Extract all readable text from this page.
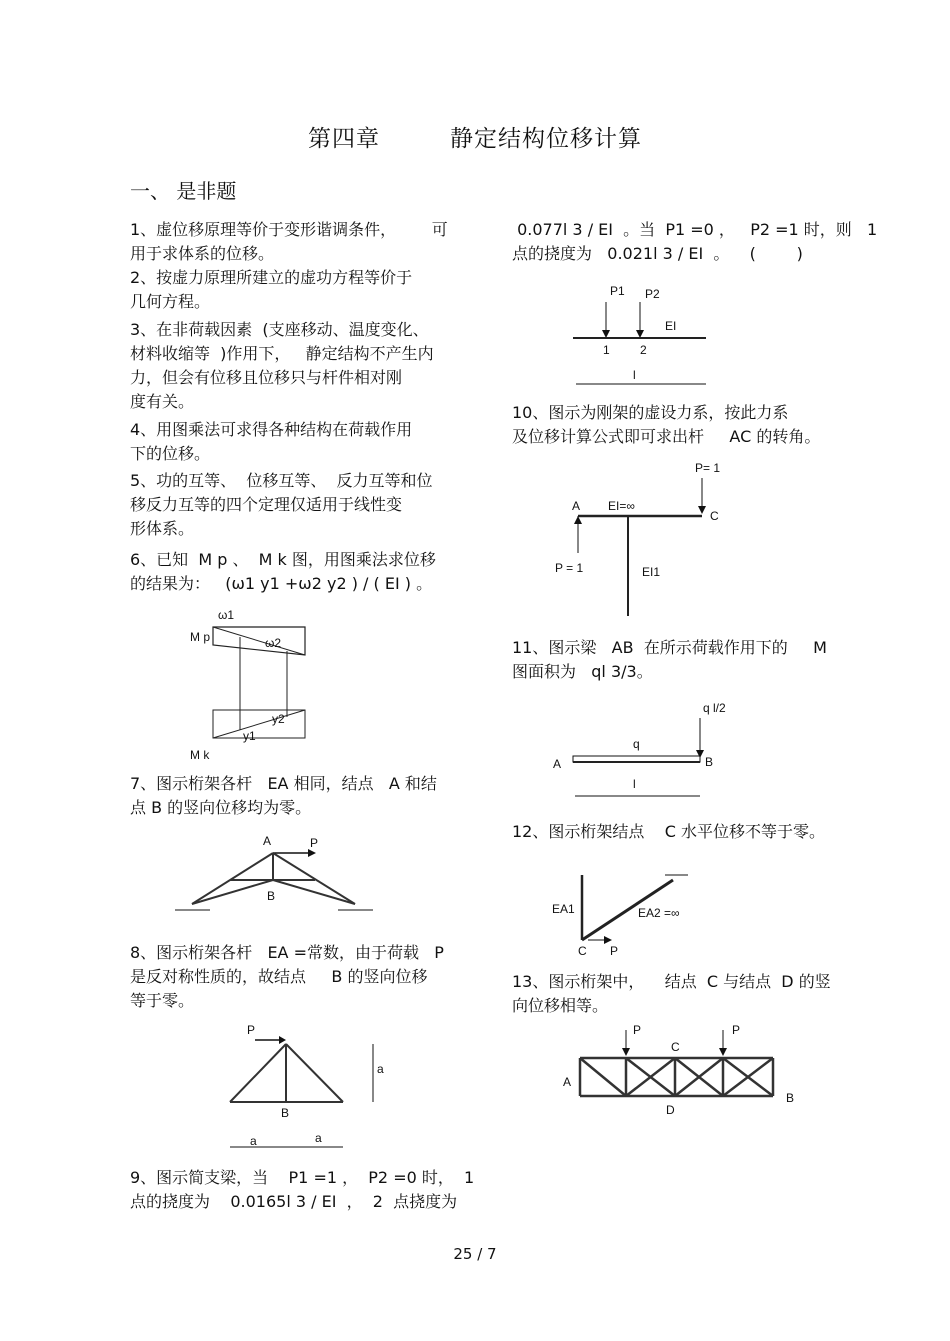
第四章	静定结构位移计算
一、 是非题
1、虚位移原理等价于变形谐调条件，       可
用于求体系的位移。
2、按虚力原理所建立的虚功方程等价于
几何方程。
3、在非荷载因素  (支座移动、温度变化、
材料收缩等  )作用下，   静定结构不产生内
力，但会有位移且位移只与杆件相对刚
度有关。
4、用图乘法可求得各种结构在荷载作用
下的位移。
5、功的互等、  位移互等、  反力互等和位
移反力互等的四个定理仅适用于线性变
形体系。
6、已知  M p 、  M k 图，用图乘法求位移
的结果为：   (ω1 y1 +ω2 y2 ) / ( EI ) 。
ω1
M p	ω2
y2
y1
M k
7、图示桁架各杆   EA 相同，结点   A 和结
点 B 的竖向位移均为零。
A	P
B
8、图示桁架各杆   EA =常数，由于荷载   P
是反对称性质的，故结点     B 的竖向位移
等于零。
P
B
a
a	a
9、图示简支梁，当    P1 =1 ，  P2 =0 时，  1
点的挠度为    0.0165l 3 / EI  ，  2  点挠度为
0.077l 3 / EI  。当  P1 =0 ，   P2 =1 时，则   1
点的挠度为   0.021l 3 / EI  。    (        )
P1 P2
EI
1	2
l
10、图示为刚架的虚设力系，按此力系
及位移计算公式即可求出杆     AC 的转角。
P= 1
A EI=∞
C
P = 1	EI1
11、图示梁   AB  在所示荷载作用下的     M
图面积为   ql 3/3。
q l/2
q
A	B
l
12、图示桁架结点    C 水平位移不等于零。
EA1	EA2 =∞
C P
13、图示桁架中，    结点  C 与结点  D 的竖
向位移相等。
P	P
C
A
D
B
25 / 7
